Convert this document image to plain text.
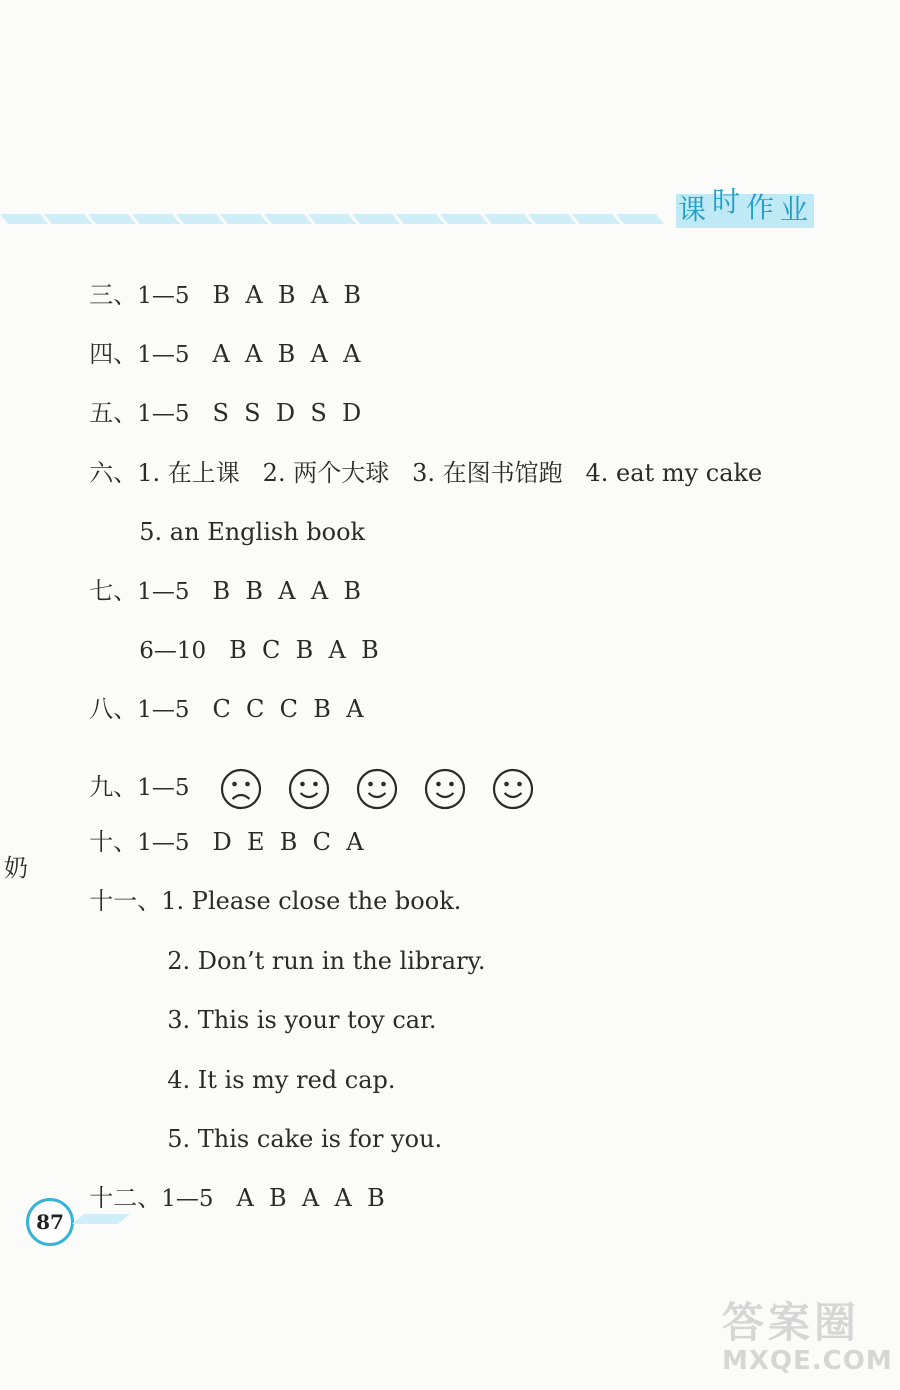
课时作业

三、1—5 B  A  B  A  B

四、1—5 A  A  B  A  A

五、1—5 S  S  D  S  D

六、1. 在上课   2. 两个大球   3. 在图书馆跑   4. eat my cake

5. an English book

七、1—5 B  B  A  A  B

6—10 B  C  B  A  B

八、1—5 C  C  C  B  A

九、1—5

十、1—5 D  E  B  C  A

奶

十一、1. Please close the book.

2. Don’t run in the library.

3. This is your toy car.

4. It is my red cap.

5. This cake is for you.

十二、1—5 A  B  A  A  B

87
答案圈
MXQE.COM
